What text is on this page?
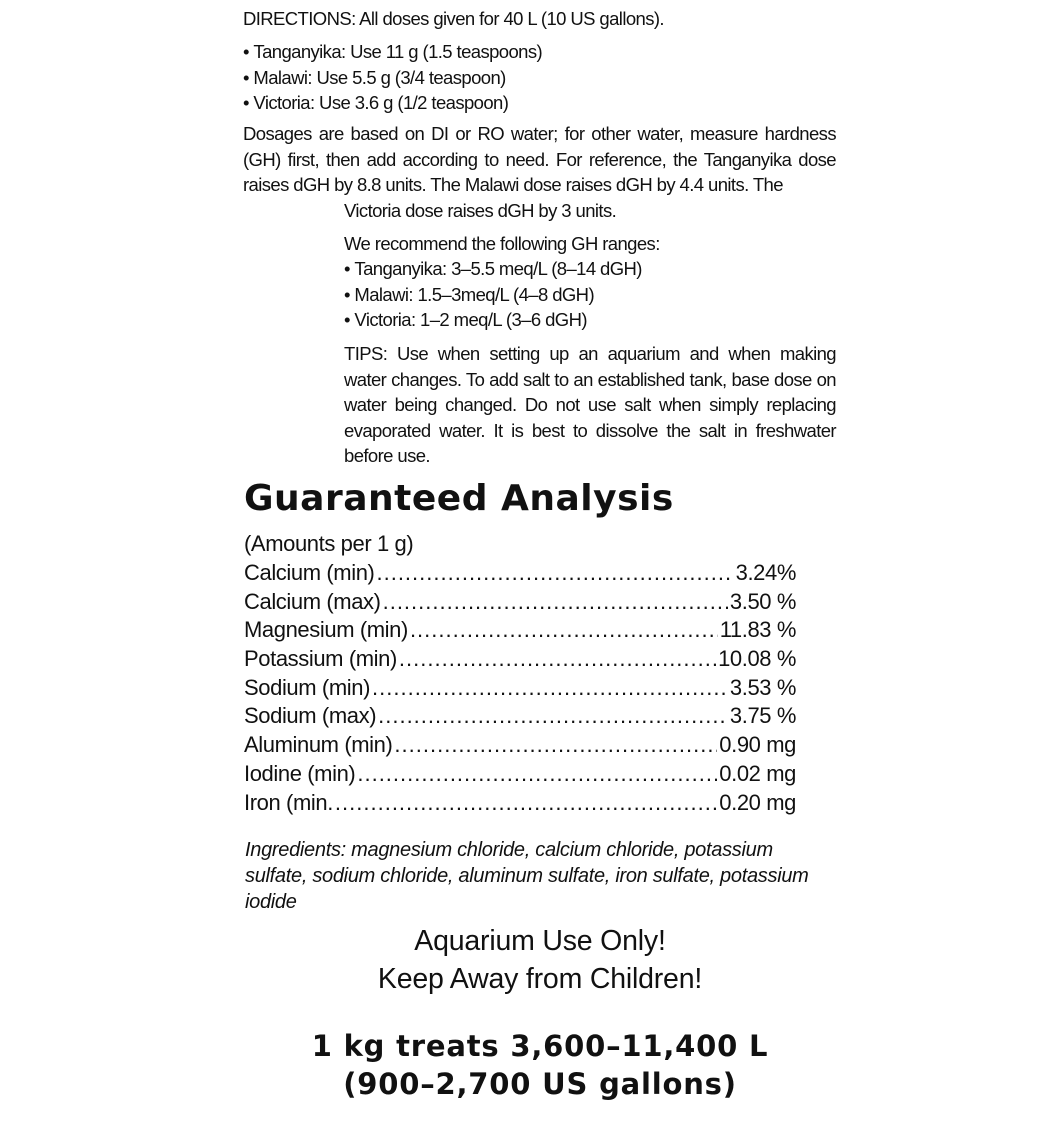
DIRECTIONS: All doses given for 40 L (10 US gallons).

• Tanganyika: Use 11 g (1.5 teaspoons)
• Malawi: Use 5.5 g (3/4 teaspoon)
• Victoria: Use 3.6 g (1/2 teaspoon)

Dosages are based on DI or RO water; for other water, measure hardness (GH) first, then add according to need. For reference, the Tanganyika dose raises dGH by 8.8 units. The Malawi dose raises dGH by 4.4 units. The
Victoria dose raises dGH by 3 units.

We recommend the following GH ranges:

• Tanganyika: 3–5.5 meq/L (8–14 dGH)
• Malawi: 1.5–3meq/L (4–8 dGH)
• Victoria: 1–2 meq/L (3–6 dGH)

TIPS: Use when setting up an aquarium and when making water changes. To add salt to an established tank, base dose on water being changed. Do not use salt when simply replacing evaporated water. It is best to dissolve the salt in freshwater before use.

Guaranteed Analysis

(Amounts per 1 g)

Calcium (min) .....	3.24%
Calcium (max) .....	3.50 %
Magnesium (min) .....	11.83 %
Potassium (min) .....	10.08 %
Sodium (min) .....	3.53 %
Sodium (max) .....	3.75 %
Aluminum (min) .....	0.90 mg
Iodine (min) .....	0.02 mg
Iron (min. .....	0.20 mg

Ingredients: magnesium chloride, calcium chloride, potassium sulfate, sodium chloride, aluminum sulfate, iron sulfate, potassium iodide

Aquarium Use Only!

Keep Away from Children!

1 kg treats 3,600–11,400 L

(900–2,700 US gallons)
